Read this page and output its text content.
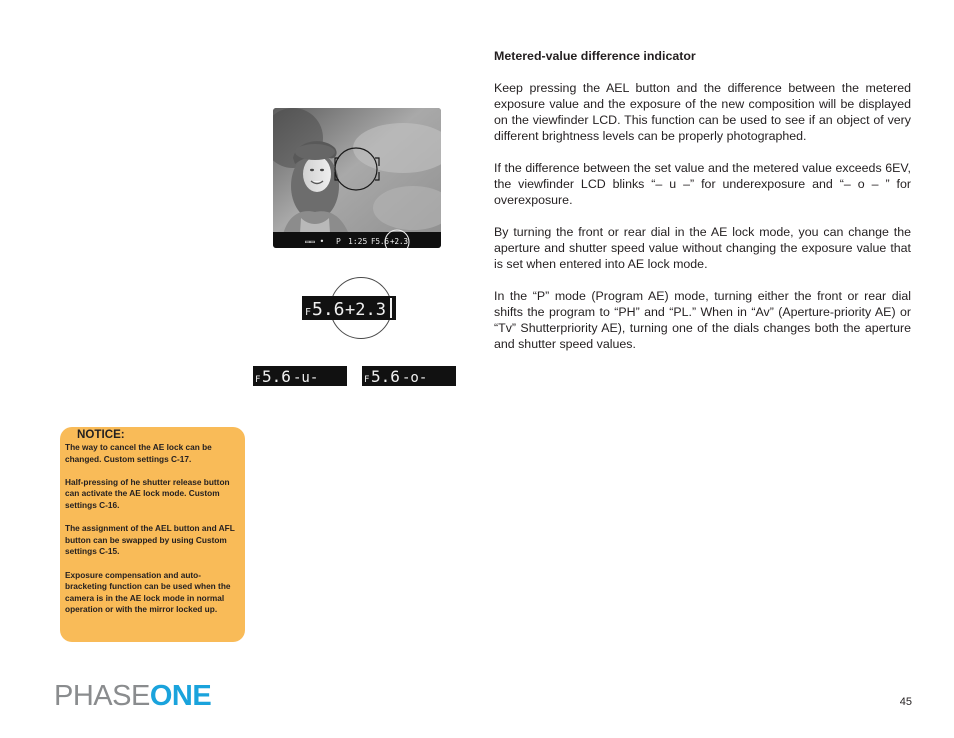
Metered-value difference indicator

Keep pressing the AEL button and the difference between the metered exposure value and the exposure of the new composition will be displayed on the viewfinder LCD. This function can be used to see if an object of very different brightness levels can be properly photographed.

If the difference between the set value and the metered value exceeds 6EV, the viewfinder LCD blinks “– u –” for underexposure and “– o – ” for overexposure.

By turning the front or rear dial in the AE lock mode, you can change the aperture and shutter speed value without changing the exposure value that is set when entered into AE lock mode.

In the “P” mode (Program AE) mode, turning either the front or rear dial shifts the program to “PH” and “PL.” When in “Av” (Aperture-priority AE) or “Tv” Shutterpriority AE), turning one of the dials changes both the aperture and shutter speed values.

▭▭ • P 1:25 F5.6 +2.3
F 5.6 +2.3
F 5.6 -u-	F 5.6 -o-
NOTICE:

The way to cancel the AE lock can be changed. Custom settings C-17.

Half-pressing of he shutter release button can activate the AE lock mode. Custom settings C-16.

The assignment of the AEL button and AFL button can be swapped by using Custom settings C-15.

Exposure compensation and auto-bracketing function can be used when the camera is in the AE lock mode in normal operation or with the mirror locked up.

PHASE ONE	45
